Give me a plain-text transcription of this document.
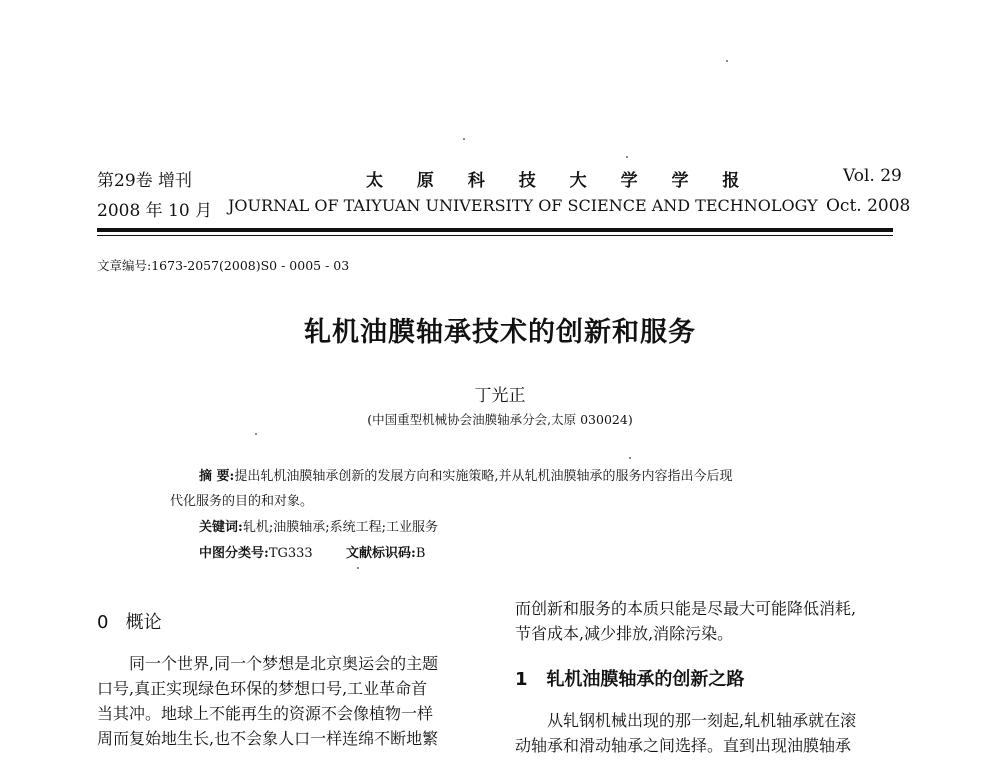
第29卷 增刊	太 原 科 技 大 学 学 报	Vol. 29
2008 年 10 月 JOURNAL OF TAIYUAN UNIVERSITY OF SCIENCE AND TECHNOLOGY Oct. 2008
文章编号:1673-2057(2008)S0 - 0005 - 03
轧机油膜轴承技术的创新和服务
丁光正
(中国重型机械协会油膜轴承分会,太原 030024)
摘 要:提出轧机油膜轴承创新的发展方向和实施策略,并从轧机油膜轴承的服务内容指出今后现
代化服务的目的和对象。
关键词:轧机;油膜轴承;系统工程;工业服务
中图分类号:TG333	文献标识码:B
0   概论

同一个世界,同一个梦想是北京奥运会的主题

口号,真正实现绿色环保的梦想口号,工业革命首

当其冲。地球上不能再生的资源不会像植物一样

周而复始地生长,也不会象人口一样连绵不断地繁

而创新和服务的本质只能是尽最大可能降低消耗,

节省成本,减少排放,消除污染。

1   轧机油膜轴承的创新之路

从轧钢机械出现的那一刻起,轧机轴承就在滚

动轴承和滑动轴承之间选择。直到出现油膜轴承
